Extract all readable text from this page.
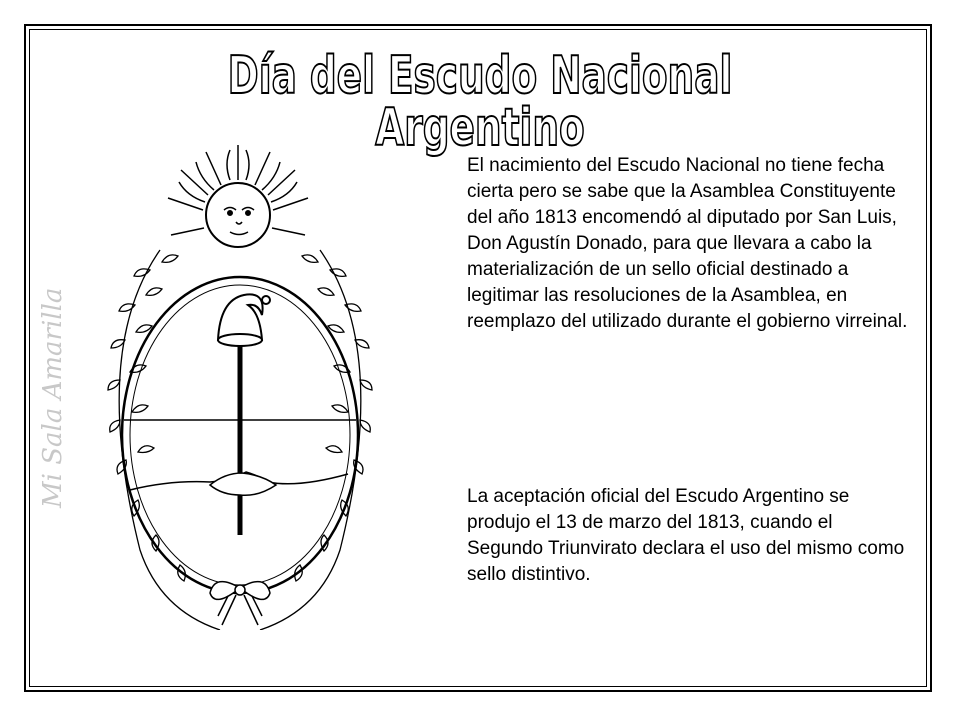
Día del Escudo Nacional Argentino
Mi Sala Amarilla
El nacimiento del Escudo Nacional no tiene fecha cierta pero se sabe que la Asamblea Constituyente del año 1813 encomendó al diputado por San Luis, Don Agustín Donado, para que llevara a cabo la materialización de un sello oficial destinado a legitimar las resoluciones de la Asamblea, en reemplazo del utilizado durante el gobierno virreinal.
La aceptación oficial del Escudo Argentino se produjo el 13 de marzo del 1813, cuando el Segundo Triunvirato declara el uso del mismo como sello distintivo.
